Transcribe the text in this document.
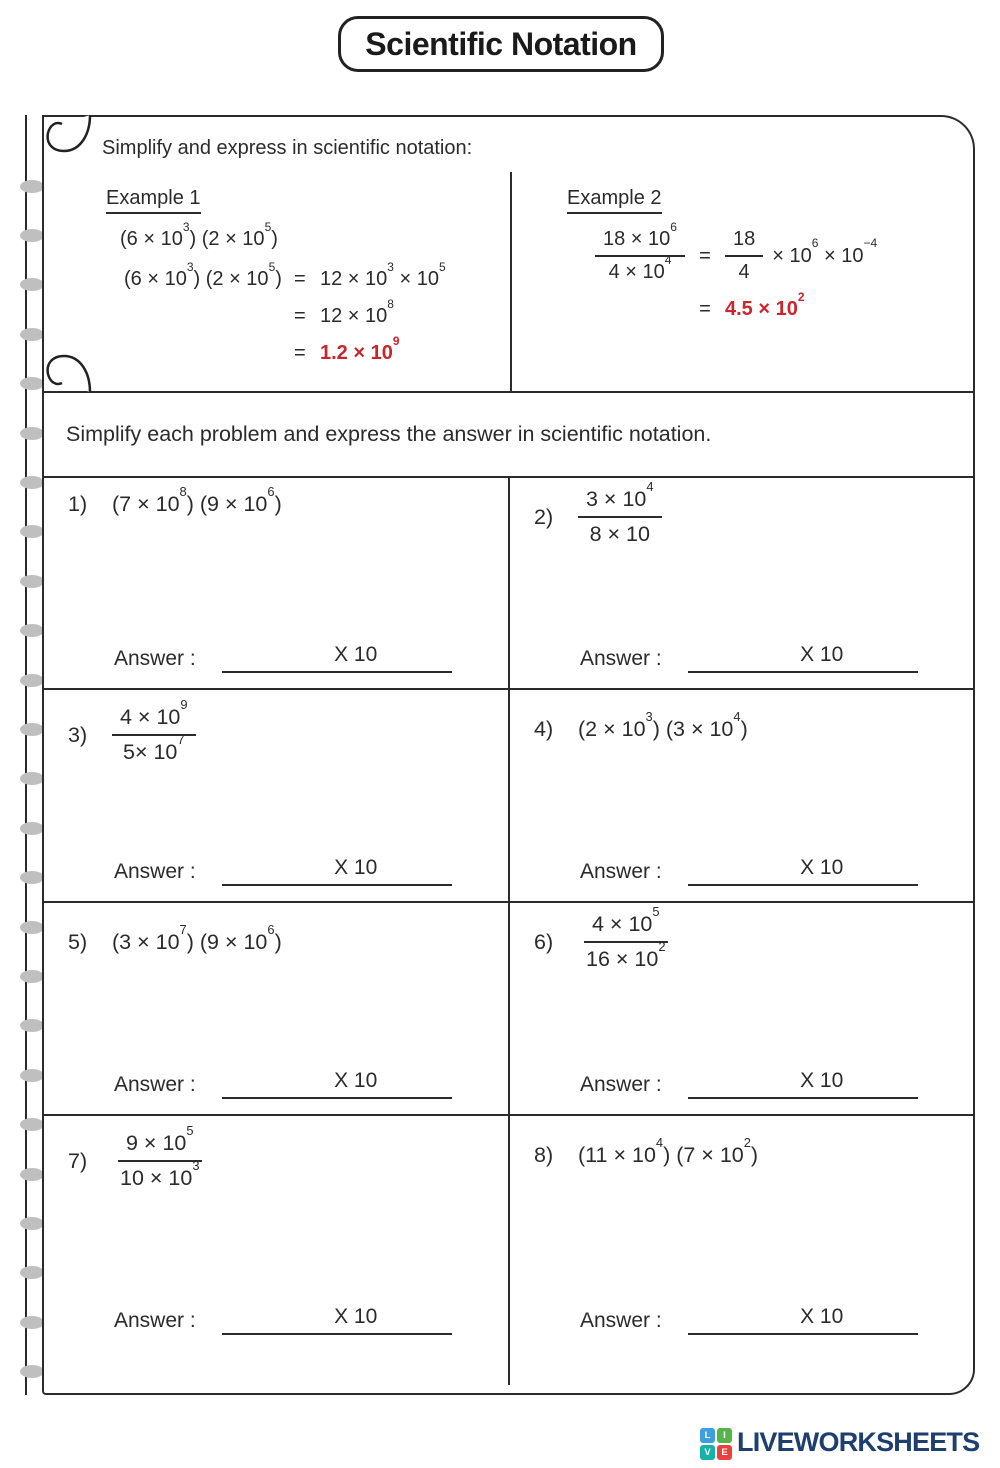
Scientific Notation
Simplify and express in scientific notation:
Example 1
$(6 \times 10^3)$ $(2 \times 10^5)$
$(6 \times 10^3)$ $(2 \times 10^5) = 12 \times 10^3 \times 10^5$
= $12 \times 10^8$
= $1.2 \times 10^9$
Example 2
$\frac{18 \times 10^6}{4 \times 10^4} = \frac{18}{4} \times 10^6 \times 10^{-4}$
= $4.5 \times 10^2$
Simplify each problem and express the answer in scientific notation.
1)	$(7 \times 10^8)$ $(9 \times 10^6)$
Answer :	X 10
2)	$\frac{3 \times 10^4}{8 \times 10}$
Answer :	X 10
3)	$\frac{4 \times 10^9}{5\times 10^7}$
Answer :	X 10
4)	$(2 \times 10^3)$ $(3 \times 10^4)$
Answer :	X 10
5)	$(3 \times 10^7)$ $(9 \times 10^6)$
Answer :	X 10
6)	$\frac{4 \times 10^5}{16 \times 10^2}$
Answer :	X 10
7)	$\frac{9 \times 10^5}{10 \times 10^3}$
Answer :	X 10
8)	$(11 \times 10^4)$ $(7 \times 10^2)$
Answer :	X 10
L	I
V	E LIVEWORKSHEETS
